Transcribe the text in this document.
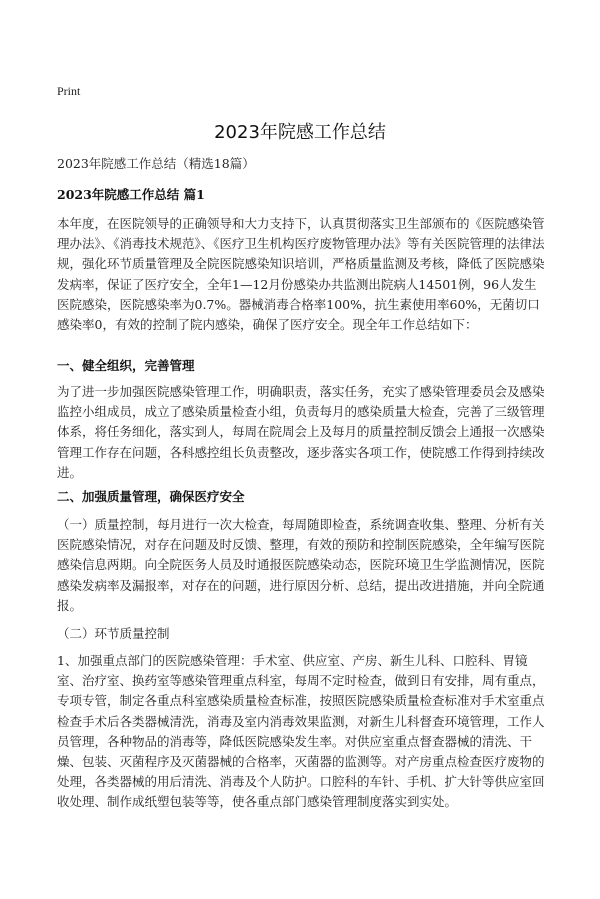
Print
2023年院感工作总结
2023年院感工作总结（精选18篇）
2023年院感工作总结 篇1

本年度，在医院领导的正确领导和大力支持下，认真贯彻落实卫生部颁布的《医院感染管理办法》、《消毒技术规范》、《医疗卫生机构医疗废物管理办法》等有关医院管理的法律法规，强化环节质量管理及全院医院感染知识培训，严格质量监测及考核，降低了医院感染发病率，保证了医疗安全，全年1—12月份感染办共监测出院病人14501例，96人发生医院感染，医院感染率为0.7%。器械消毒合格率100%，抗生素使用率60%，无菌切口感染率0，有效的控制了院内感染，确保了医疗安全。现全年工作总结如下：

一、健全组织，完善管理

为了进一步加强医院感染管理工作，明确职责，落实任务，充实了感染管理委员会及感染监控小组成员，成立了感染质量检查小组，负责每月的感染质量大检查，完善了三级管理体系，将任务细化，落实到人，每周在院周会上及每月的质量控制反馈会上通报一次感染管理工作存在问题，各科感控组长负责整改，逐步落实各项工作，使院感工作得到持续改进。

二、加强质量管理，确保医疗安全

（一）质量控制，每月进行一次大检查，每周随即检查，系统调查收集、整理、分析有关医院感染情况，对存在问题及时反馈、整理，有效的预防和控制医院感染，全年编写医院感染信息两期。向全院医务人员及时通报医院感染动态，医院环境卫生学监测情况，医院感染发病率及漏报率，对存在的问题，进行原因分析、总结，提出改进措施，并向全院通报。

（二）环节质量控制

1、加强重点部门的医院感染管理：手术室、供应室、产房、新生儿科、口腔科、胃镜室、治疗室、换药室等感染管理重点科室，每周不定时检查，做到日有安排，周有重点，专项专管，制定各重点科室感染质量检查标准，按照医院感染质量检查标准对手术室重点检查手术后各类器械清洗，消毒及室内消毒效果监测，对新生儿科督查环境管理，工作人员管理，各种物品的消毒等，降低医院感染发生率。对供应室重点督查器械的清洗、干燥、包装、灭菌程序及灭菌器械的合格率，灭菌器的监测等。对产房重点检查医疗废物的处理，各类器械的用后清洗、消毒及个人防护。口腔科的车针、手机、扩大针等供应室回收处理、制作成纸塑包装等等，使各重点部门感染管理制度落实到实处。
